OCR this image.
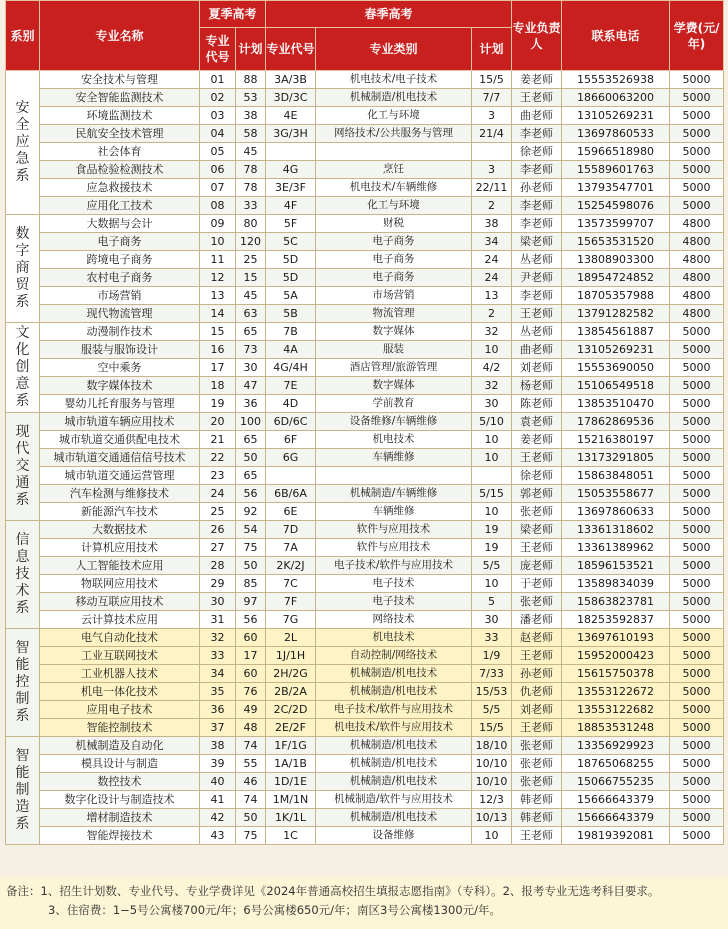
系别	专业名称	夏季高考		春季高考			专业负责人	联系电话	学费(元/年)
		专业代号	计划	专业代号	专业类别	计划			

安全应急系	安全技术与管理	01	88	3A/3B	机电技术/电子技术	15/5	姜老师	15553526938	5000
	安全智能监测技术	02	53	3D/3C	机械制造/机电技术	7/7	王老师	18660063200	5000
	环境监测技术	03	38	4E	化工与环境	3	曲老师	13105269231	5000
	民航安全技术管理	04	58	3G/3H	网络技术/公共服务与管理	21/4	李老师	13697860533	5000
	社会体育	05	45				徐老师	15966518980	5000
	食品检验检测技术	06	78	4G	烹饪	3	李老师	15589601763	5000
	应急救援技术	07	78	3E/3F	机电技术/车辆维修	22/11	孙老师	13793547701	5000
	应用化工技术	08	33	4F	化工与环境	2	李老师	15254598076	5000

数字商贸系	大数据与会计	09	80	5F	财税	38	李老师	13573599707	4800
	电子商务	10	120	5C	电子商务	34	梁老师	15653531520	4800
	跨境电子商务	11	25	5D	电子商务	24	丛老师	13808903300	4800
	农村电子商务	12	15	5D	电子商务	24	尹老师	18954724852	4800
	市场营销	13	45	5A	市场营销	13	李老师	18705357988	4800
	现代物流管理	14	63	5B	物流管理	2	王老师	13791282582	4800

文化创意系	动漫制作技术	15	65	7B	数字媒体	32	丛老师	13854561887	5000
	服装与服饰设计	16	73	4A	服装	10	曲老师	13105269231	5000
	空中乘务	17	30	4G/4H	酒店管理/旅游管理	4/2	刘老师	15553690050	5000
	数字媒体技术	18	47	7E	数字媒体	32	杨老师	15106549518	5000
	婴幼儿托育服务与管理	19	36	4D	学前教育	30	陈老师	13853510470	5000

现代交通系	城市轨道车辆应用技术	20	100	6D/6C	设备维修/车辆维修	5/10	袁老师	17862869536	5000
	城市轨道交通供配电技术	21	65	6F	机电技术	10	姜老师	15216380197	5000
	城市轨道交通通信信号技术	22	50	6G	车辆维修	10	王老师	13173291805	5000
	城市轨道交通运营管理	23	65				徐老师	15863848051	5000
	汽车检测与维修技术	24	56	6B/6A	机械制造/车辆维修	5/15	郭老师	15053558677	5000
	新能源汽车技术	25	92	6E	车辆维修	10	张老师	13697860633	5000

信息技术系	大数据技术	26	54	7D	软件与应用技术	19	梁老师	13361318602	5000
	计算机应用技术	27	75	7A	软件与应用技术	19	王老师	13361389962	5000
	人工智能技术应用	28	50	2K/2J	电子技术/软件与应用技术	5/5	庞老师	18596153521	5000
	物联网应用技术	29	85	7C	电子技术	10	于老师	13589834039	5000
	移动互联应用技术	30	97	7F	电子技术	5	张老师	15863823781	5000
	云计算技术应用	31	56	7G	网络技术	30	潘老师	18253592837	5000

智能控制系	电气自动化技术	32	60	2L	机电技术	33	赵老师	13697610193	5000
	工业互联网技术	33	17	1J/1H	自动控制/网络技术	1/9	王老师	15952000423	5000
	工业机器人技术	34	60	2H/2G	机械制造/机电技术	7/33	孙老师	15615750378	5000
	机电一体化技术	35	76	2B/2A	机械制造/机电技术	15/53	仇老师	13553122672	5000
	应用电子技术	36	49	2C/2D	电子技术/软件与应用技术	5/5	刘老师	13553122682	5000
	智能控制技术	37	48	2E/2F	机电技术/软件与应用技术	15/5	王老师	18853531248	5000

智能制造系	机械制造及自动化	38	74	1F/1G	机械制造/机电技术	18/10	张老师	13356929923	5000
	模具设计与制造	39	55	1A/1B	机械制造/机电技术	10/10	张老师	18765068255	5000
	数控技术	40	46	1D/1E	机械制造/机电技术	10/10	张老师	15066755235	5000
	数字化设计与制造技术	41	74	1M/1N	机械制造/软件与应用技术	12/3	韩老师	15666643379	5000
	增材制造技术	42	50	1K/1L	机械制造/机电技术	10/13	韩老师	15666643379	5000
	智能焊接技术	43	75	1C	设备维修	10	王老师	19819392081	5000
备注：1、招生计划数、专业代号、专业学费详见《2024年普通高校招生填报志愿指南》（专科）。2、报考专业无选考科目要求。
3、住宿费：1−5号公寓楼700元/年；6号公寓楼650元/年；南区3号公寓楼1300元/年。
